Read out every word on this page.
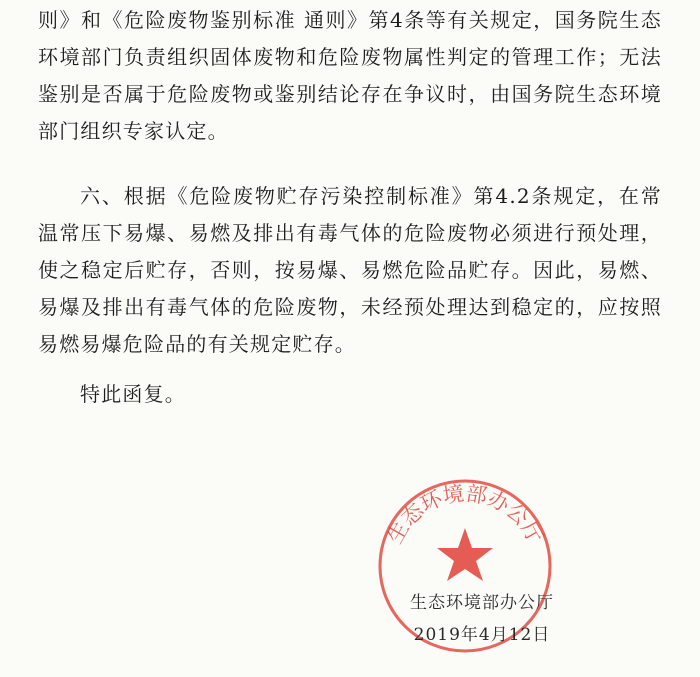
则》和《危险废物鉴别标准 通则》第4条等有关规定，国务院生态环境部门负责组织固体废物和危险废物属性判定的管理工作；无法鉴别是否属于危险废物或鉴别结论存在争议时，由国务院生态环境部门组织专家认定。

六、根据《危险废物贮存污染控制标准》第4.2条规定，在常温常压下易爆、易燃及排出有毒气体的危险废物必须进行预处理，使之稳定后贮存，否则，按易爆、易燃危险品贮存。因此，易燃、易爆及排出有毒气体的危险废物，未经预处理达到稳定的，应按照易燃易爆危险品的有关规定贮存。

特此函复。

生态环境部办公厅

生态环境部办公厅

2019年4月12日
